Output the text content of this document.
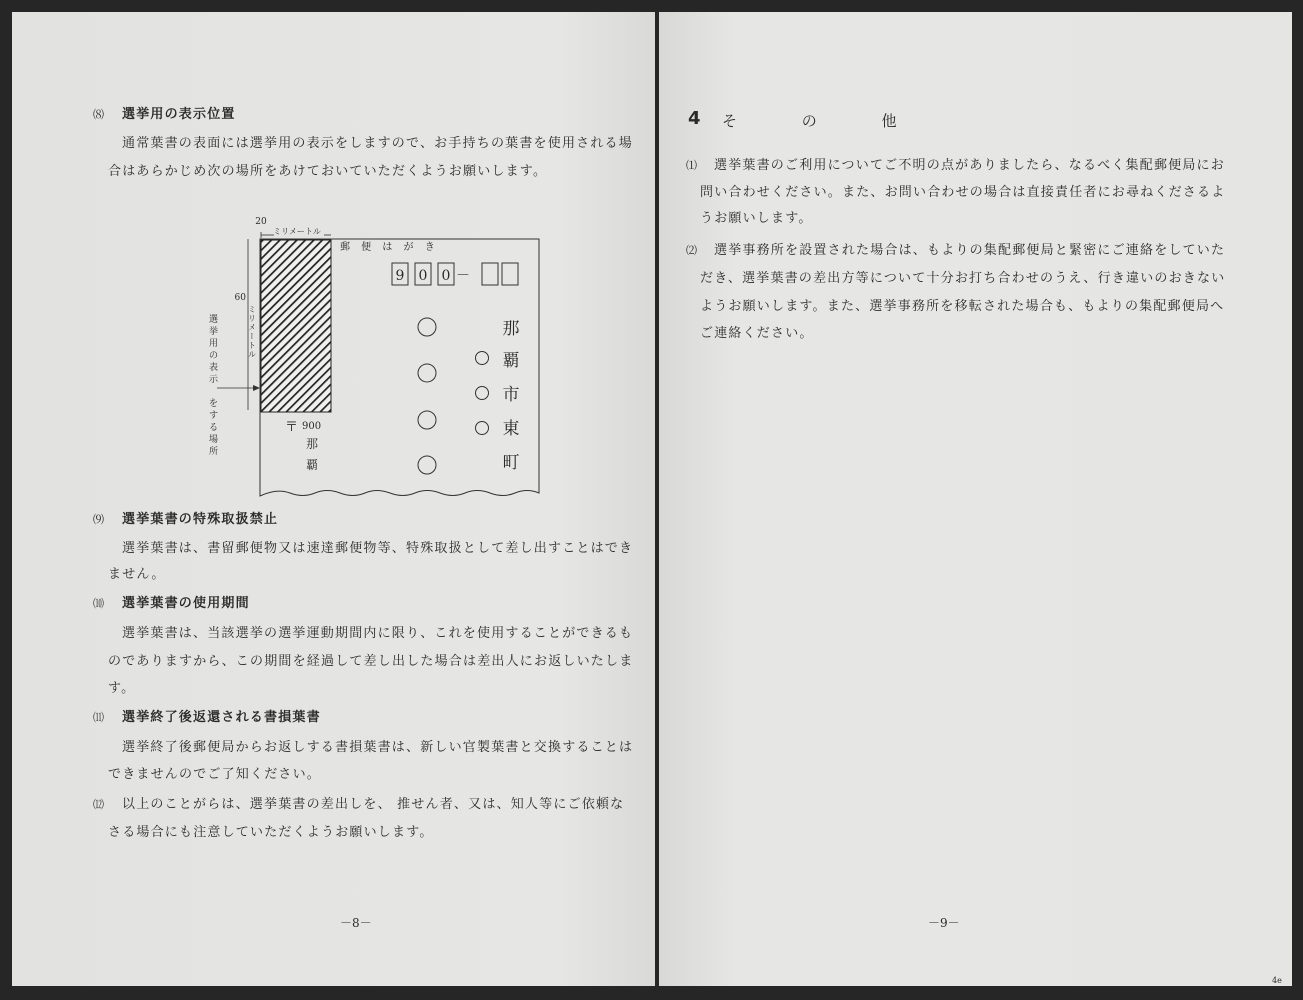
⑻ 選挙用の表示位置
通常葉書の表面には選挙用の表示をしますので、お手持ちの葉書を使用される場
合はあらかじめ次の場所をあけておいていただくようお願いします。
20
ミリメートル
60
ミリメートル
選
挙
用
の
表
示
を
す
る
場
所
郵 便 は が き
9 0 0 －
那
覇
市
東
町
〒 900
那
覇
⑼ 選挙葉書の特殊取扱禁止
選挙葉書は、書留郵便物又は速達郵便物等、特殊取扱として差し出すことはでき
ません。
⑽ 選挙葉書の使用期間
選挙葉書は、当該選挙の選挙運動期間内に限り、これを使用することができるも
のでありますから、この期間を経過して差し出した場合は差出人にお返しいたしま
す。
⑾ 選挙終了後返還される書損葉書
選挙終了後郵便局からお返しする書損葉書は、新しい官製葉書と交換することは
できませんのでご了知ください。
⑿ 以上のことがらは、選挙葉書の差出しを、 推せん者、又は、知人等にご依頼な
さる場合にも注意していただくようお願いします。
－8－
4 そ の 他
⑴ 選挙葉書のご利用についてご不明の点がありましたら、なるべく集配郵便局にお
問い合わせください。また、お問い合わせの場合は直接責任者にお尋ねくださるよ
うお願いします。
⑵ 選挙事務所を設置された場合は、もよりの集配郵便局と緊密にご連絡をしていた
だき、選挙葉書の差出方等について十分お打ち合わせのうえ、行き違いのおきない
ようお願いします。また、選挙事務所を移転された場合も、もよりの集配郵便局へ
ご連絡ください。
－9－
4e
